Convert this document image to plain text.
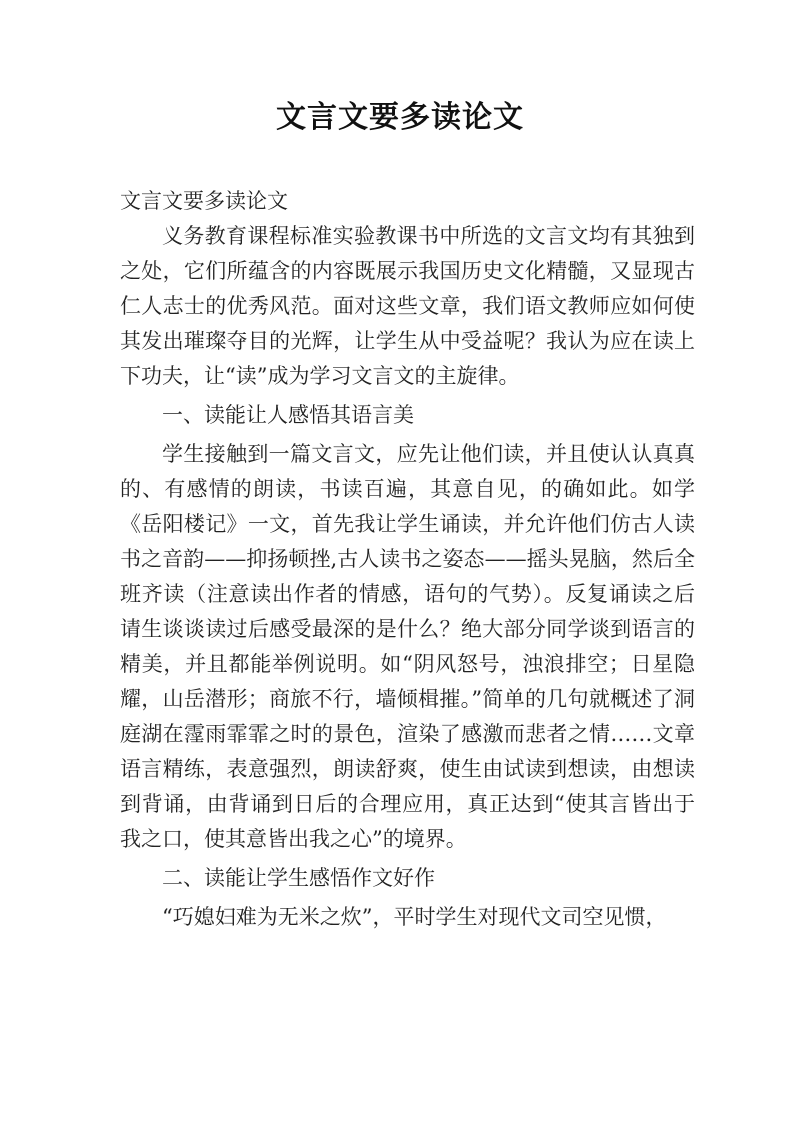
文言文要多读论文

文言文要多读论文

义务教育课程标准实验教课书中所选的文言文均有其独到之处，它们所蕴含的内容既展示我国历史文化精髓，又显现古仁人志士的优秀风范。面对这些文章，我们语文教师应如何使其发出璀璨夺目的光辉，让学生从中受益呢？我认为应在读上下功夫，让“读”成为学习文言文的主旋律。

一、读能让人感悟其语言美

学生接触到一篇文言文，应先让他们读，并且使认认真真的、有感情的朗读，书读百遍，其意自见，的确如此。如学《岳阳楼记》一文，首先我让学生诵读，并允许他们仿古人读书之音韵——抑扬顿挫,古人读书之姿态——摇头晃脑，然后全班齐读（注意读出作者的情感，语句的气势）。反复诵读之后请生谈谈读过后感受最深的是什么？绝大部分同学谈到语言的精美，并且都能举例说明。如“阴风怒号，浊浪排空；日星隐耀，山岳潜形；商旅不行，墙倾楫摧。”简单的几句就概述了洞庭湖在霪雨霏霏之时的景色，渲染了感激而悲者之情……文章语言精练，表意强烈，朗读舒爽，使生由试读到想读，由想读到背诵，由背诵到日后的合理应用，真正达到“使其言皆出于我之口，使其意皆出我之心”的境界。

二、读能让学生感悟作文好作

“巧媳妇难为无米之炊”，平时学生对现代文司空见惯，
